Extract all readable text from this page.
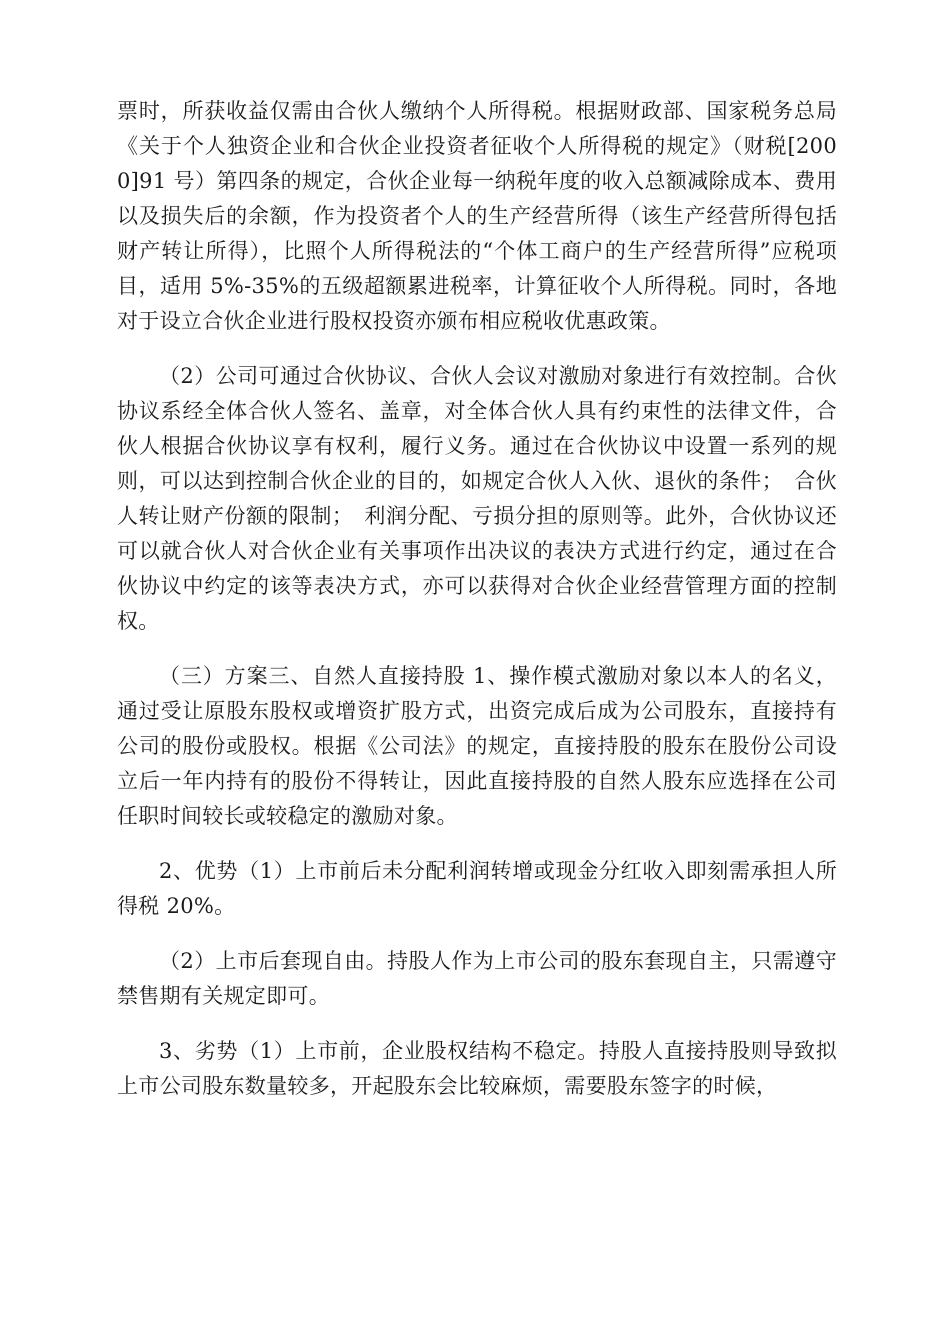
票时，所获收益仅需由合伙人缴纳个人所得税。根据财政部、国家税务总局《关于个人独资企业和合伙企业投资者征收个人所得税的规定》（财税[2000]91 号）第四条的规定，合伙企业每一纳税年度的收入总额减除成本、费用以及损失后的余额，作为投资者个人的生产经营所得（该生产经营所得包括财产转让所得），比照个人所得税法的“个体工商户的生产经营所得”应税项目，适用 5%-35%的五级超额累进税率，计算征收个人所得税。同时，各地对于设立合伙企业进行股权投资亦颁布相应税收优惠政策。

（2）公司可通过合伙协议、合伙人会议对激励对象进行有效控制。合伙协议系经全体合伙人签名、盖章，对全体合伙人具有约束性的法律文件，合伙人根据合伙协议享有权利，履行义务。通过在合伙协议中设置一系列的规则，可以达到控制合伙企业的目的，如规定合伙人入伙、退伙的条件；　合伙人转让财产份额的限制；　利润分配、亏损分担的原则等。此外，合伙协议还可以就合伙人对合伙企业有关事项作出决议的表决方式进行约定，通过在合伙协议中约定的该等表决方式，亦可以获得对合伙企业经营管理方面的控制权。

（三）方案三、自然人直接持股 1、操作模式激励对象以本人的名义，通过受让原股东股权或增资扩股方式，出资完成后成为公司股东，直接持有公司的股份或股权。根据《公司法》的规定，直接持股的股东在股份公司设立后一年内持有的股份不得转让，因此直接持股的自然人股东应选择在公司任职时间较长或较稳定的激励对象。

2、优势（1）上市前后未分配利润转增或现金分红收入即刻需承担人所得税 20%。

（2）上市后套现自由。持股人作为上市公司的股东套现自主，只需遵守禁售期有关规定即可。

3、劣势（1）上市前，企业股权结构不稳定。持股人直接持股则导致拟上市公司股东数量较多，开起股东会比较麻烦，需要股东签字的时候，
